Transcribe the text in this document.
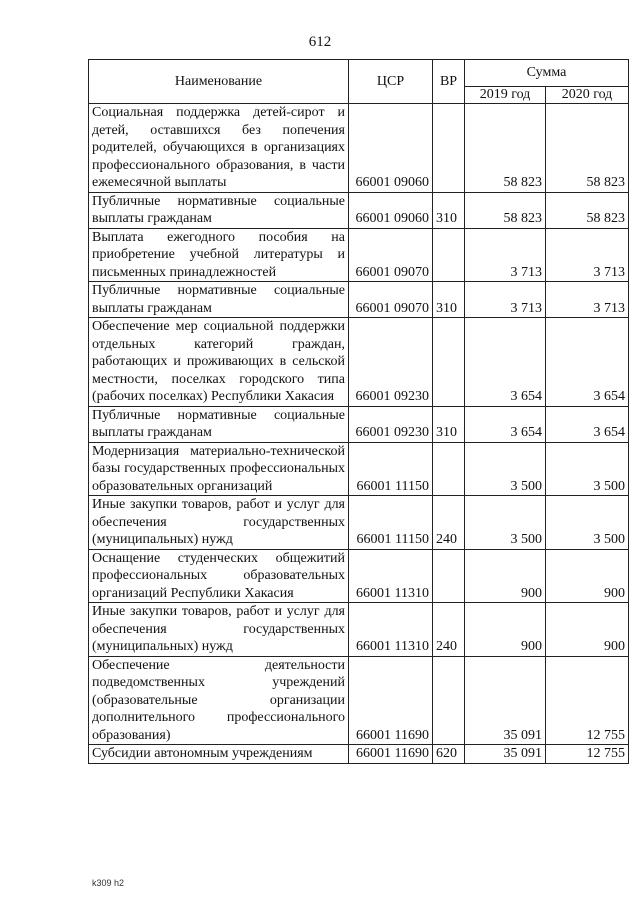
612
Наименование	ЦСР	ВР	Сумма	
			2019 год	2020 год
Социальная поддержка детей-сирот и детей, оставшихся без попечения родителей, обучающихся в организациях профессионального образования, в части ежемесячной выплаты	66001 09060		58 823	58 823
Публичные нормативные социальные выплаты гражданам	66001 09060	310	58 823	58 823
Выплата ежегодного пособия на приобретение учебной литературы и письменных принадлежностей	66001 09070		3 713	3 713
Публичные нормативные социальные выплаты гражданам	66001 09070	310	3 713	3 713
Обеспечение мер социальной поддержки отдельных категорий граждан, работающих и проживающих в сельской местности, поселках городского типа (рабочих поселках) Республики Хакасия	66001 09230		3 654	3 654
Публичные нормативные социальные выплаты гражданам	66001 09230	310	3 654	3 654
Модернизация материально-технической базы государственных профессиональных образовательных организаций	66001 11150		3 500	3 500
Иные закупки товаров, работ и услуг для обеспечения государственных (муниципальных) нужд	66001 11150	240	3 500	3 500
Оснащение студенческих общежитий профессиональных образовательных организаций Республики Хакасия	66001 11310		900	900
Иные закупки товаров, работ и услуг для обеспечения государственных (муниципальных) нужд	66001 11310	240	900	900
Обеспечение деятельности подведомственных учреждений (образовательные организации дополнительного профессионального образования)	66001 11690		35 091	12 755
Субсидии автономным учреждениям	66001 11690	620	35 091	12 755
k309 h2
